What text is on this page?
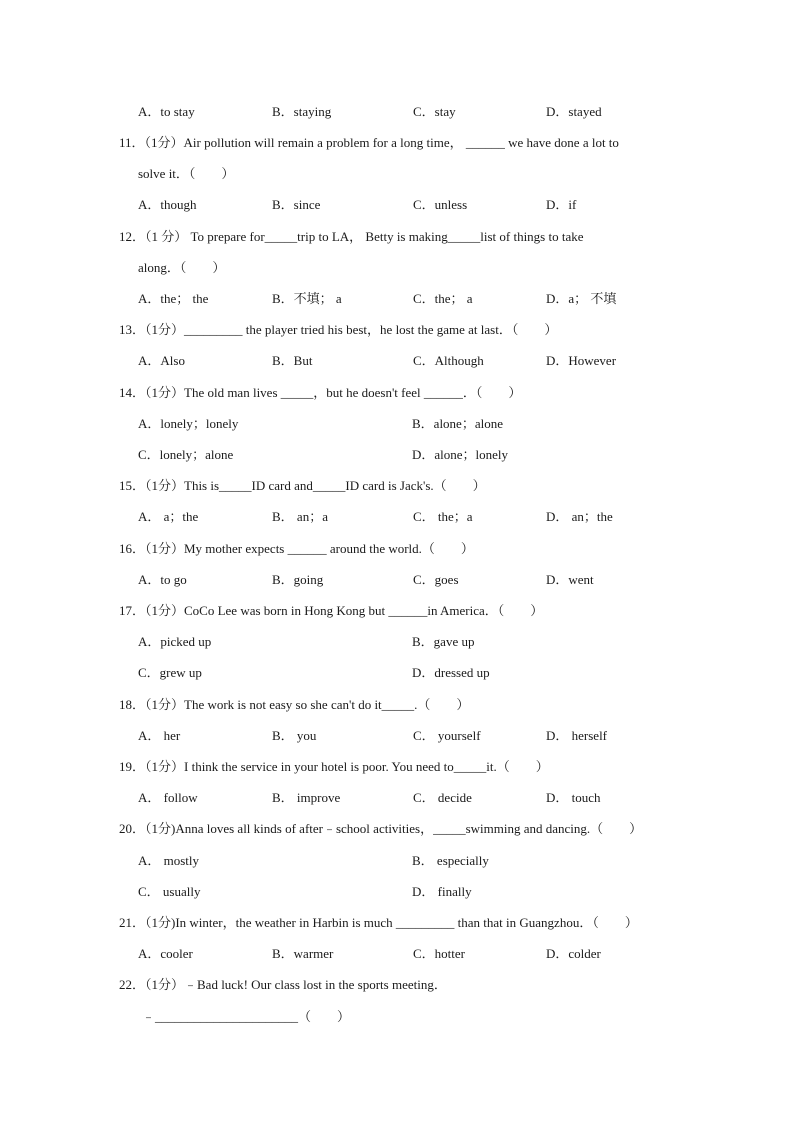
A．to stay	B．staying	C．stay	D．stayed
11．（1分）Air pollution will remain a problem for a long time， ______ we have done a lot to
solve it．（　　）
A．though	B．since	C．unless	D．if
12．（1 分） To prepare for_____trip to LA， Betty is making_____list of things to take
along．（　　）
A．the； the	B．不填； a	C．the； a	D．a； 不填
13．（1分）_________ the player tried his best，he lost the game at last．（　　）
A．Also	B．But	C．Although	D．However
14．（1分）The old man lives _____，but he doesn't feel ______．（　　）
A．lonely；lonely	B．alone；alone
C．lonely；alone	D．alone；lonely
15．（1分）This is_____ID card and_____ID card is Jack's.（　　）
A． a；the	B． an；a	C． the；a	D． an；the
16．（1分）My mother expects ______ around the world.（　　）
A．to go	B．going	C．goes	D．went
17．（1分）CoCo Lee was born in Hong Kong but ______in America．（　　）
A．picked up	B．gave up
C．grew up	D．dressed up
18．（1分）The work is not easy so she can't do it_____.（　　）
A． her	B． you	C． yourself	D． herself
19．（1分）I think the service in your hotel is poor. You need to_____it.（　　）
A． follow	B． improve	C． decide	D． touch
20．（1分)Anna loves all kinds of after﹣school activities，_____swimming and dancing.（　　）
A． mostly	B． especially
C． usually	D． finally
21．（1分)In winter，the weather in Harbin is much _________ than that in Guangzhou．（　　）
A．cooler	B．warmer	C．hotter	D．colder
22．（1分）﹣Bad luck! Our class lost in the sports meeting．
﹣______________________（　　）
